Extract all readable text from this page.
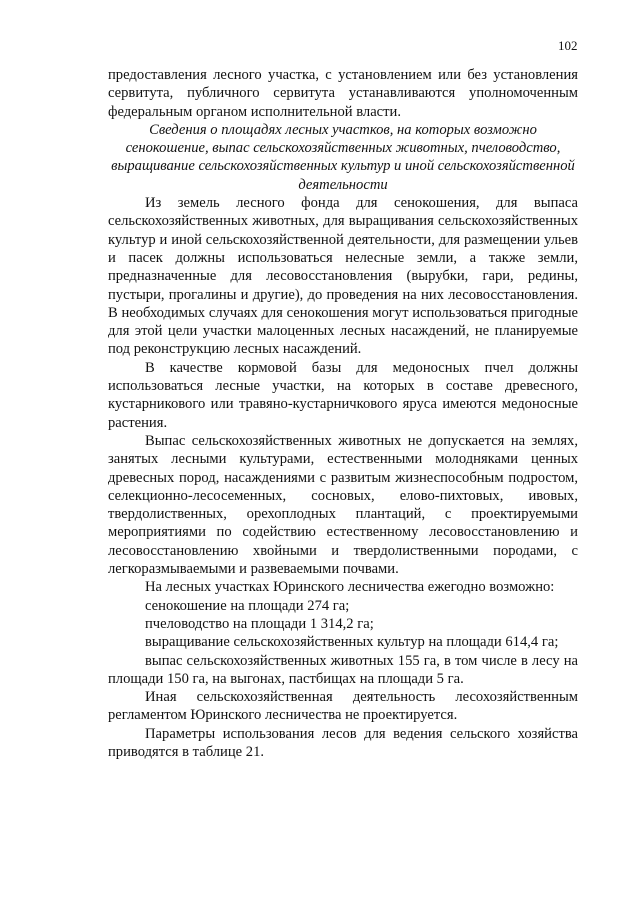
102

предоставления лесного участка, с установлением или без установления сервитута, публичного сервитута устанавливаются уполномоченным федеральным органом исполнительной власти.

Сведения о площадях лесных участков, на которых возможно сенокошение, выпас сельскохозяйственных животных, пчеловодство, выращивание сельскохозяйственных культур и иной сельскохозяйственной деятельности

Из земель лесного фонда для сенокошения, для выпаса сельскохозяйственных животных, для выращивания сельскохозяйственных культур и иной сельскохозяйственной деятельности, для размещении ульев и пасек должны использоваться нелесные земли, а также земли, предназначенные для лесовосстановления (вырубки, гари, редины, пустыри, прогалины и другие), до проведения на них лесовосстановления. В необходимых случаях для сенокошения могут использоваться пригодные для этой цели участки малоценных лесных насаждений, не планируемые под реконструкцию лесных насаждений.

В качестве кормовой базы для медоносных пчел должны использоваться лесные участки, на которых в составе древесного, кустарникового или травяно-кустарничкового яруса имеются медоносные растения.

Выпас сельскохозяйственных животных не допускается на землях, занятых лесными культурами, естественными молодняками ценных древесных пород, насаждениями с развитым жизнеспособным подростом, селекционно-лесосеменных, сосновых, елово-пихтовых, ивовых, твердолиственных, орехоплодных плантаций, с проектируемыми мероприятиями по содействию естественному лесовосстановлению и лесовосстановлению хвойными и твердолиственными породами, с легкоразмываемыми и развеваемыми почвами.

На лесных участках Юринского лесничества ежегодно возможно:

сенокошение на площади 274 га;

пчеловодство на площади 1 314,2 га;

выращивание сельскохозяйственных культур на площади 614,4 га;

выпас сельскохозяйственных животных 155 га, в том числе в лесу на площади 150 га, на выгонах, пастбищах на площади 5 га.

Иная сельскохозяйственная деятельность лесохозяйственным регламентом Юринского лесничества не проектируется.

Параметры использования лесов для ведения сельского хозяйства приводятся в таблице 21.
